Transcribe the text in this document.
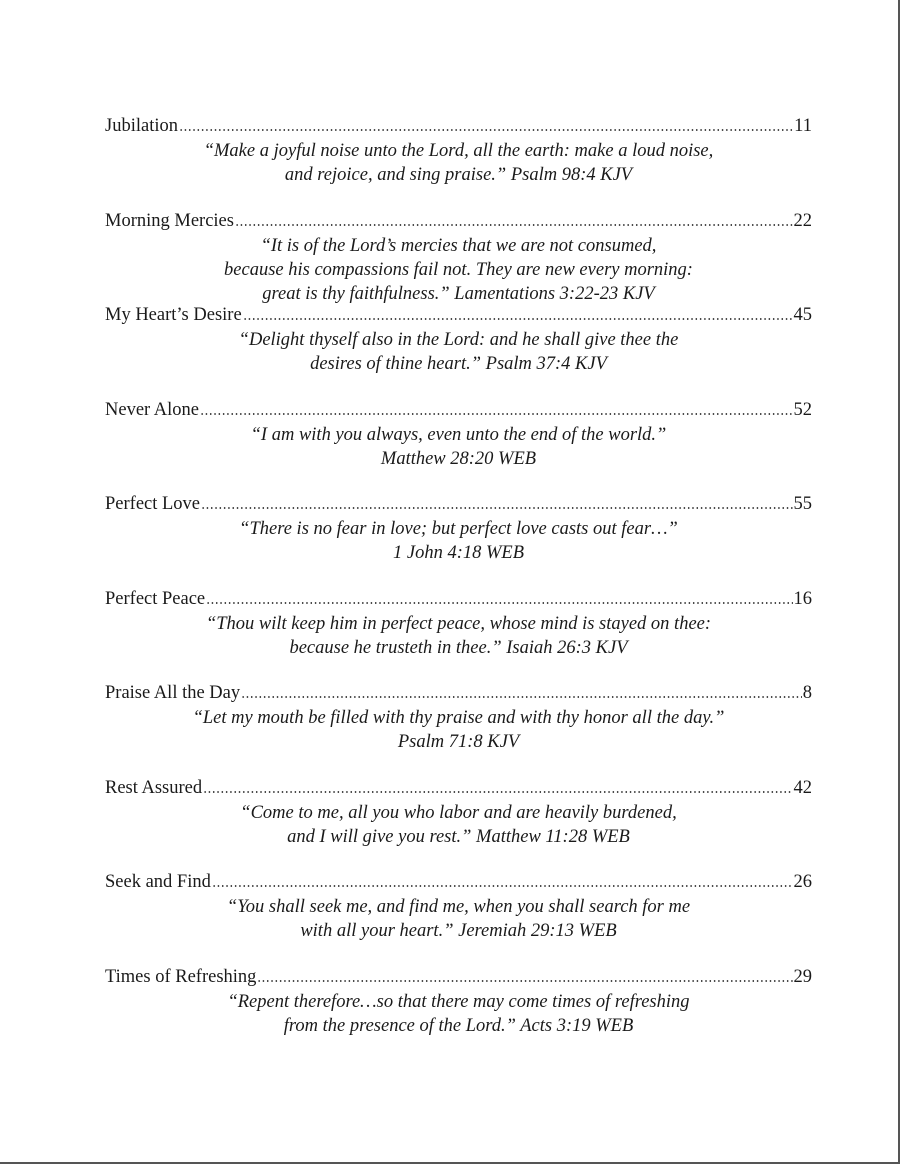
Jubilation	11
“Make a joyful noise unto the Lord, all the earth: make a loud noise,
and rejoice, and sing praise.” Psalm 98:4 KJV
Morning Mercies	22
“It is of the Lord’s mercies that we are not consumed,
because his compassions fail not. They are new every morning:
great is thy faithfulness.” Lamentations 3:22-23 KJV
My Heart’s Desire	45
“Delight thyself also in the Lord: and he shall give thee the
desires of thine heart.” Psalm 37:4 KJV
Never Alone	52
“I am with you always, even unto the end of the world.”
Matthew 28:20 WEB
Perfect Love	55
“There is no fear in love; but perfect love casts out fear…”
1 John 4:18 WEB
Perfect Peace	16
“Thou wilt keep him in perfect peace, whose mind is stayed on thee:
because he trusteth in thee.” Isaiah 26:3 KJV
Praise All the Day	8
“Let my mouth be filled with thy praise and with thy honor all the day.”
Psalm 71:8 KJV
Rest Assured	42
“Come to me, all you who labor and are heavily burdened,
and I will give you rest.” Matthew 11:28 WEB
Seek and Find	26
“You shall seek me, and find me, when you shall search for me
with all your heart.” Jeremiah 29:13 WEB
Times of Refreshing	29
“Repent therefore…so that there may come times of refreshing
from the presence of the Lord.” Acts 3:19 WEB
